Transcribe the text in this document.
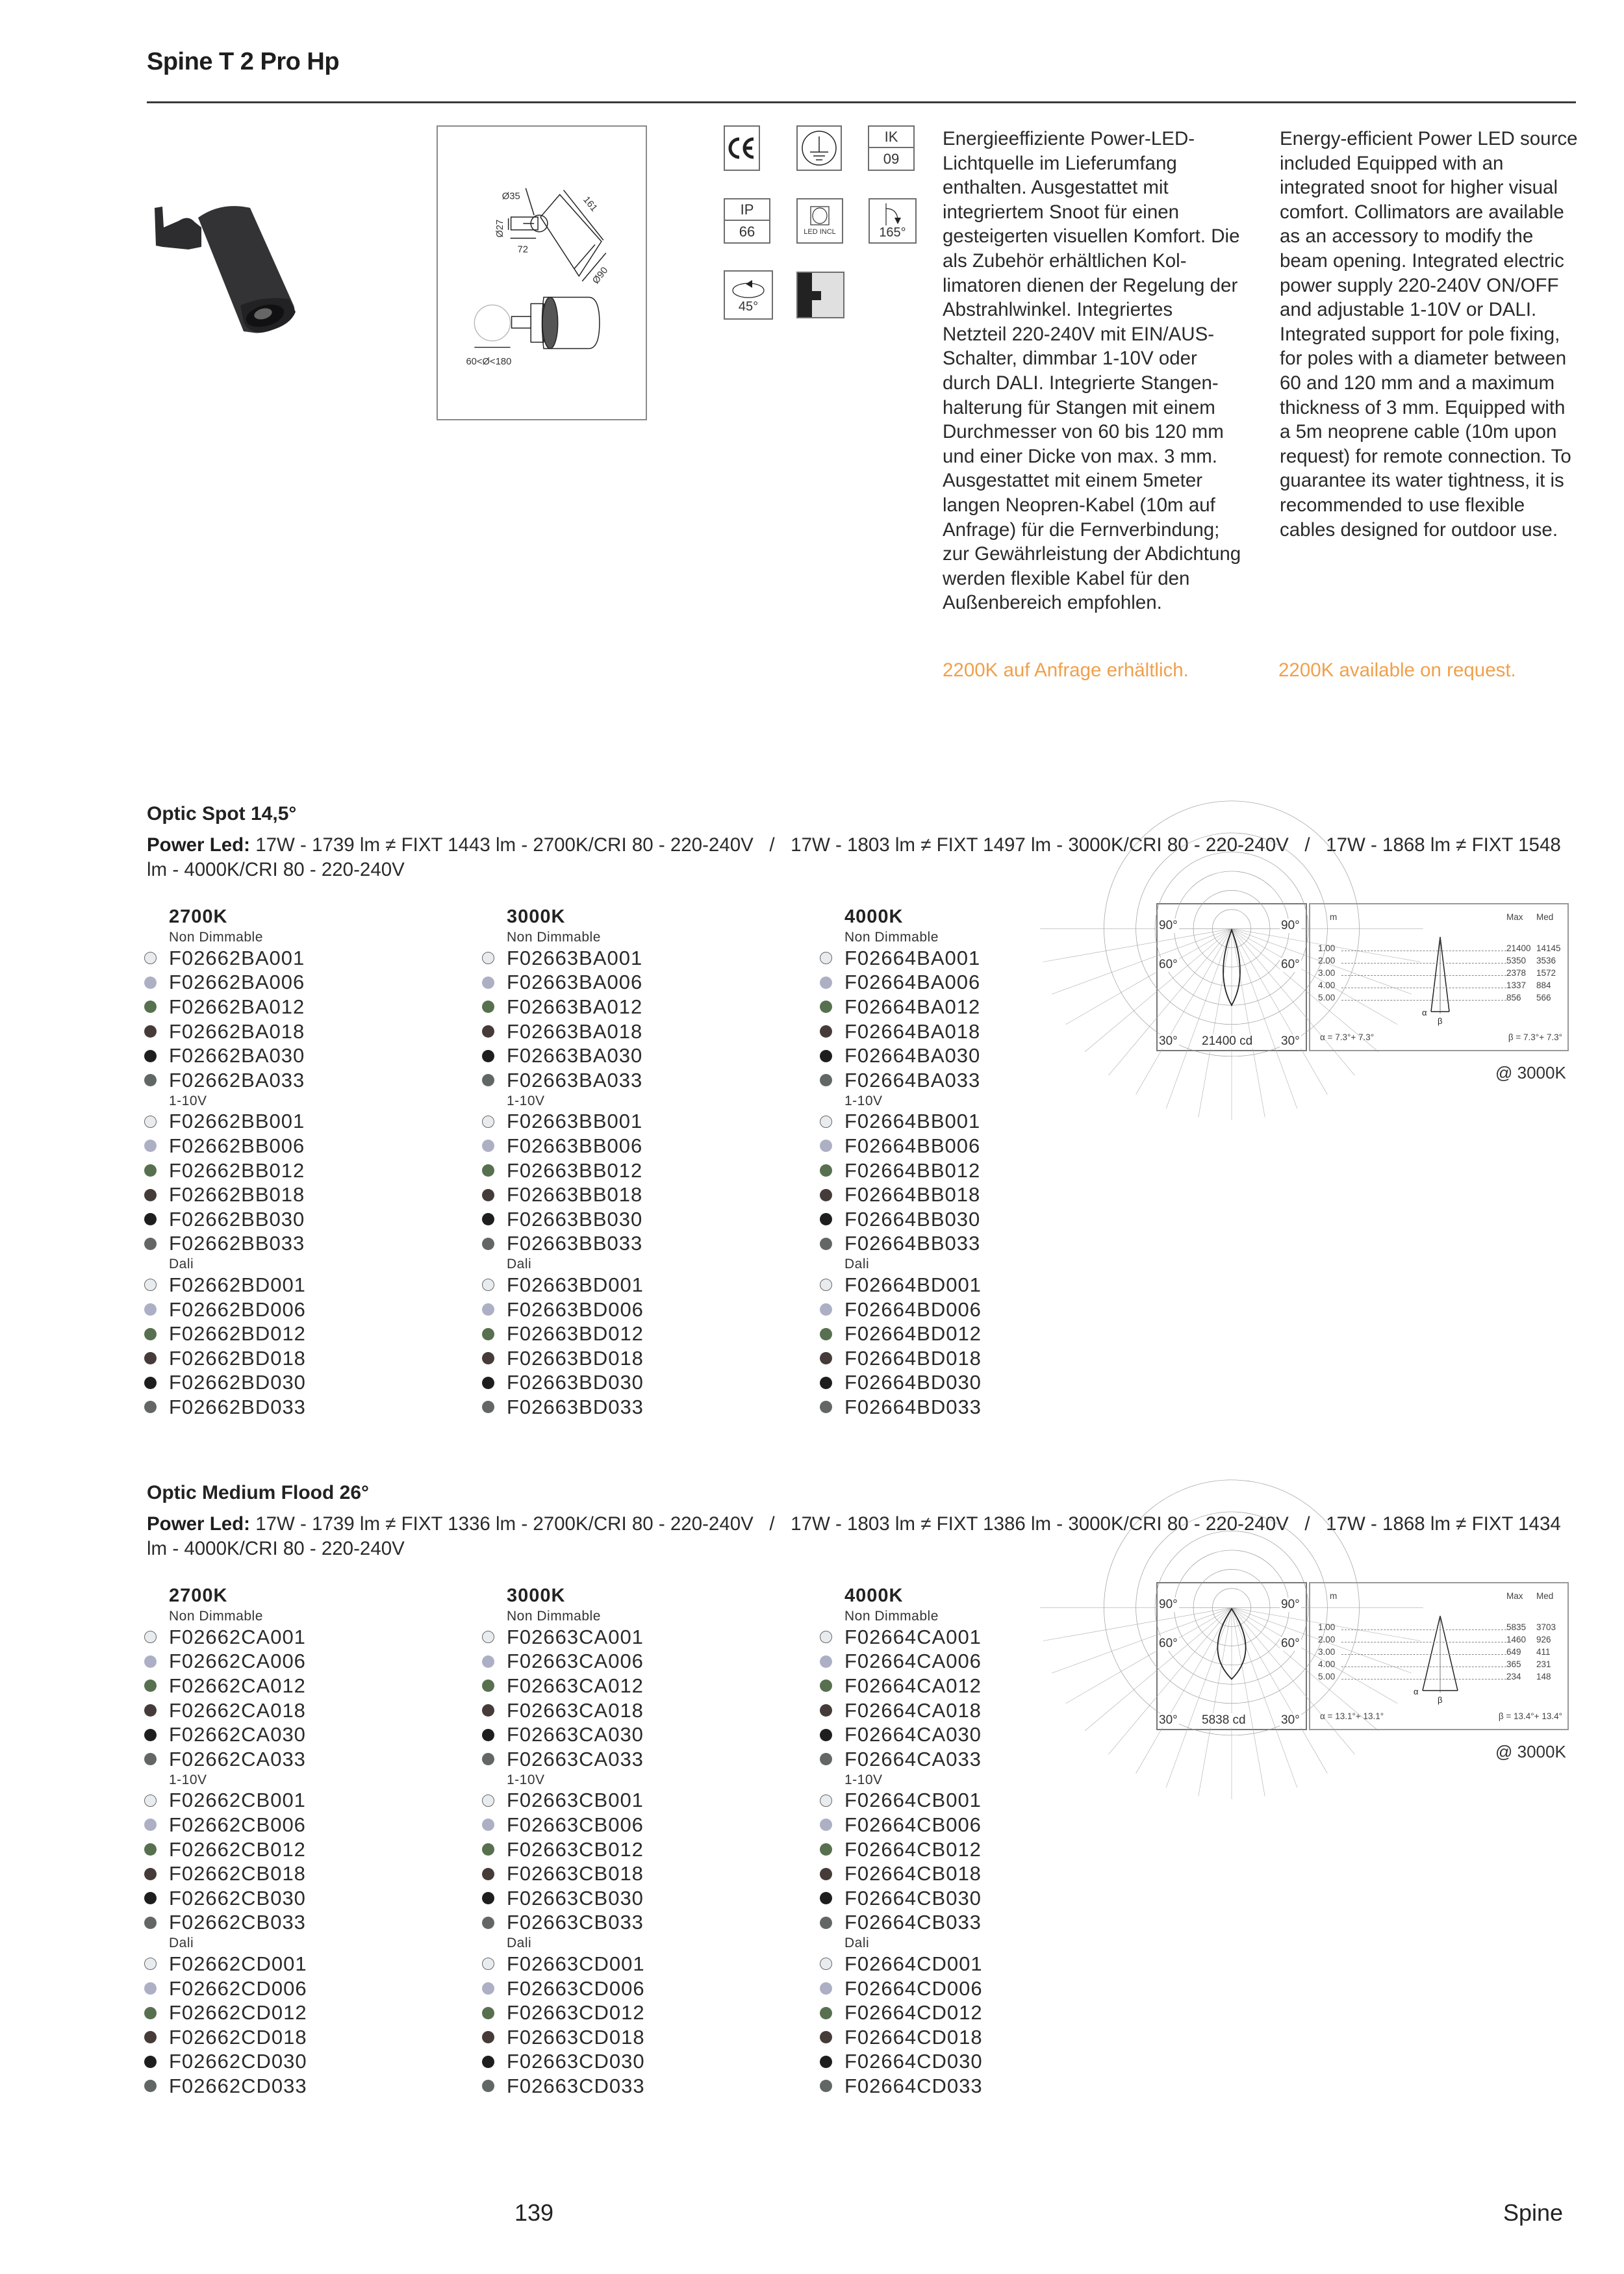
Spine T 2 Pro Hp
Ø35
Ø27
72
161
Ø90
60<Ø<180
IK
09
IP
66	LED INCL	165°
45°
Energieeffiziente Power-LED-Lichtquelle im Lieferumfang enthalten. Ausgestattet mit integriertem Snoot für einen gesteigerten visuellen Komfort. Die als Zubehör erhältlichen Kollimatoren dienen der Regelung der Abstrahlwinkel. Integriertes Netzteil 220-240V mit EIN/AUS-Schalter, dimmbar 1-10V oder durch DALI. Integrierte Stangenhalterung für Stangen mit einem Durchmesser von 60 bis 120 mm und einer Dicke von max. 3 mm. Ausgestattet mit einem 5meter langen Neopren-Kabel (10m auf Anfrage) für die Fernverbindung; zur Gewährleistung der Abdichtung werden flexible Kabel für den Außenbereich empfohlen.
Energy-efficient Power LED source included Equipped with an integrated snoot for higher visual comfort. Collimators are available as an accessory to modify the beam opening. Integrated electric power supply 220-240V ON/OFF and adjustable 1-10V or DALI. Integrated support for pole fixing, for poles with a diameter between 60 and 120 mm and a maximum thickness of 3 mm. Equipped with a 5m neoprene cable (10m upon request) for remote connection. To guarantee its water tightness, it is recommended to use flexible cables designed for outdoor use.
2200K auf Anfrage erhältlich.	2200K available on request.
Optic Spot 14,5°
Power Led: 17W - 1739 lm ≠ FIXT 1443 lm - 2700K/CRI 80 - 220-240V   /   17W - 1803 lm ≠ FIXT 1497 lm - 3000K/CRI 80 - 220-240V   /   17W - 1868 lm ≠ FIXT 1548 lm - 4000K/CRI 80 - 220-240V
2700K
Non Dimmable
F02662BA001
F02662BA006
F02662BA012
F02662BA018
F02662BA030
F02662BA033
1-10V
F02662BB001
F02662BB006
F02662BB012
F02662BB018
F02662BB030
F02662BB033
Dali
F02662BD001
F02662BD006
F02662BD012
F02662BD018
F02662BD030
F02662BD033
3000K
Non Dimmable
F02663BA001
F02663BA006
F02663BA012
F02663BA018
F02663BA030
F02663BA033
1-10V
F02663BB001
F02663BB006
F02663BB012
F02663BB018
F02663BB030
F02663BB033
Dali
F02663BD001
F02663BD006
F02663BD012
F02663BD018
F02663BD030
F02663BD033
4000K
Non Dimmable
F02664BA001
F02664BA006
F02664BA012
F02664BA018
F02664BA030
F02664BA033
1-10V
F02664BB001
F02664BB006
F02664BB012
F02664BB018
F02664BB030
F02664BB033
Dali
F02664BD001
F02664BD006
F02664BD012
F02664BD018
F02664BD030
F02664BD033
90°	90°
60°	60°
30°	30°
21400 cd
α
β
m	Max Med
1.00	21400 14145
2.00	5350 3536
3.00	2378 1572
4.00	1337 884
5.00	856 566
α = 7.3°+ 7.3°	β = 7.3°+ 7.3°
@ 3000K
Optic Medium Flood 26°
Power Led: 17W - 1739 lm ≠ FIXT 1336 lm - 2700K/CRI 80 - 220-240V   /   17W - 1803 lm ≠ FIXT 1386 lm - 3000K/CRI 80 - 220-240V   /   17W - 1868 lm ≠ FIXT 1434 lm - 4000K/CRI 80 - 220-240V
2700K
Non Dimmable
F02662CA001
F02662CA006
F02662CA012
F02662CA018
F02662CA030
F02662CA033
1-10V
F02662CB001
F02662CB006
F02662CB012
F02662CB018
F02662CB030
F02662CB033
Dali
F02662CD001
F02662CD006
F02662CD012
F02662CD018
F02662CD030
F02662CD033
3000K
Non Dimmable
F02663CA001
F02663CA006
F02663CA012
F02663CA018
F02663CA030
F02663CA033
1-10V
F02663CB001
F02663CB006
F02663CB012
F02663CB018
F02663CB030
F02663CB033
Dali
F02663CD001
F02663CD006
F02663CD012
F02663CD018
F02663CD030
F02663CD033
4000K
Non Dimmable
F02664CA001
F02664CA006
F02664CA012
F02664CA018
F02664CA030
F02664CA033
1-10V
F02664CB001
F02664CB006
F02664CB012
F02664CB018
F02664CB030
F02664CB033
Dali
F02664CD001
F02664CD006
F02664CD012
F02664CD018
F02664CD030
F02664CD033
90°	90°
60°	60°
30°	30°
5838 cd
α
β
m	Max Med
1.00	5835 3703
2.00	1460 926
3.00	649 411
4.00	365 231
5.00	234 148
α = 13.1°+ 13.1°	β = 13.4°+ 13.4°
@ 3000K
139	Spine
